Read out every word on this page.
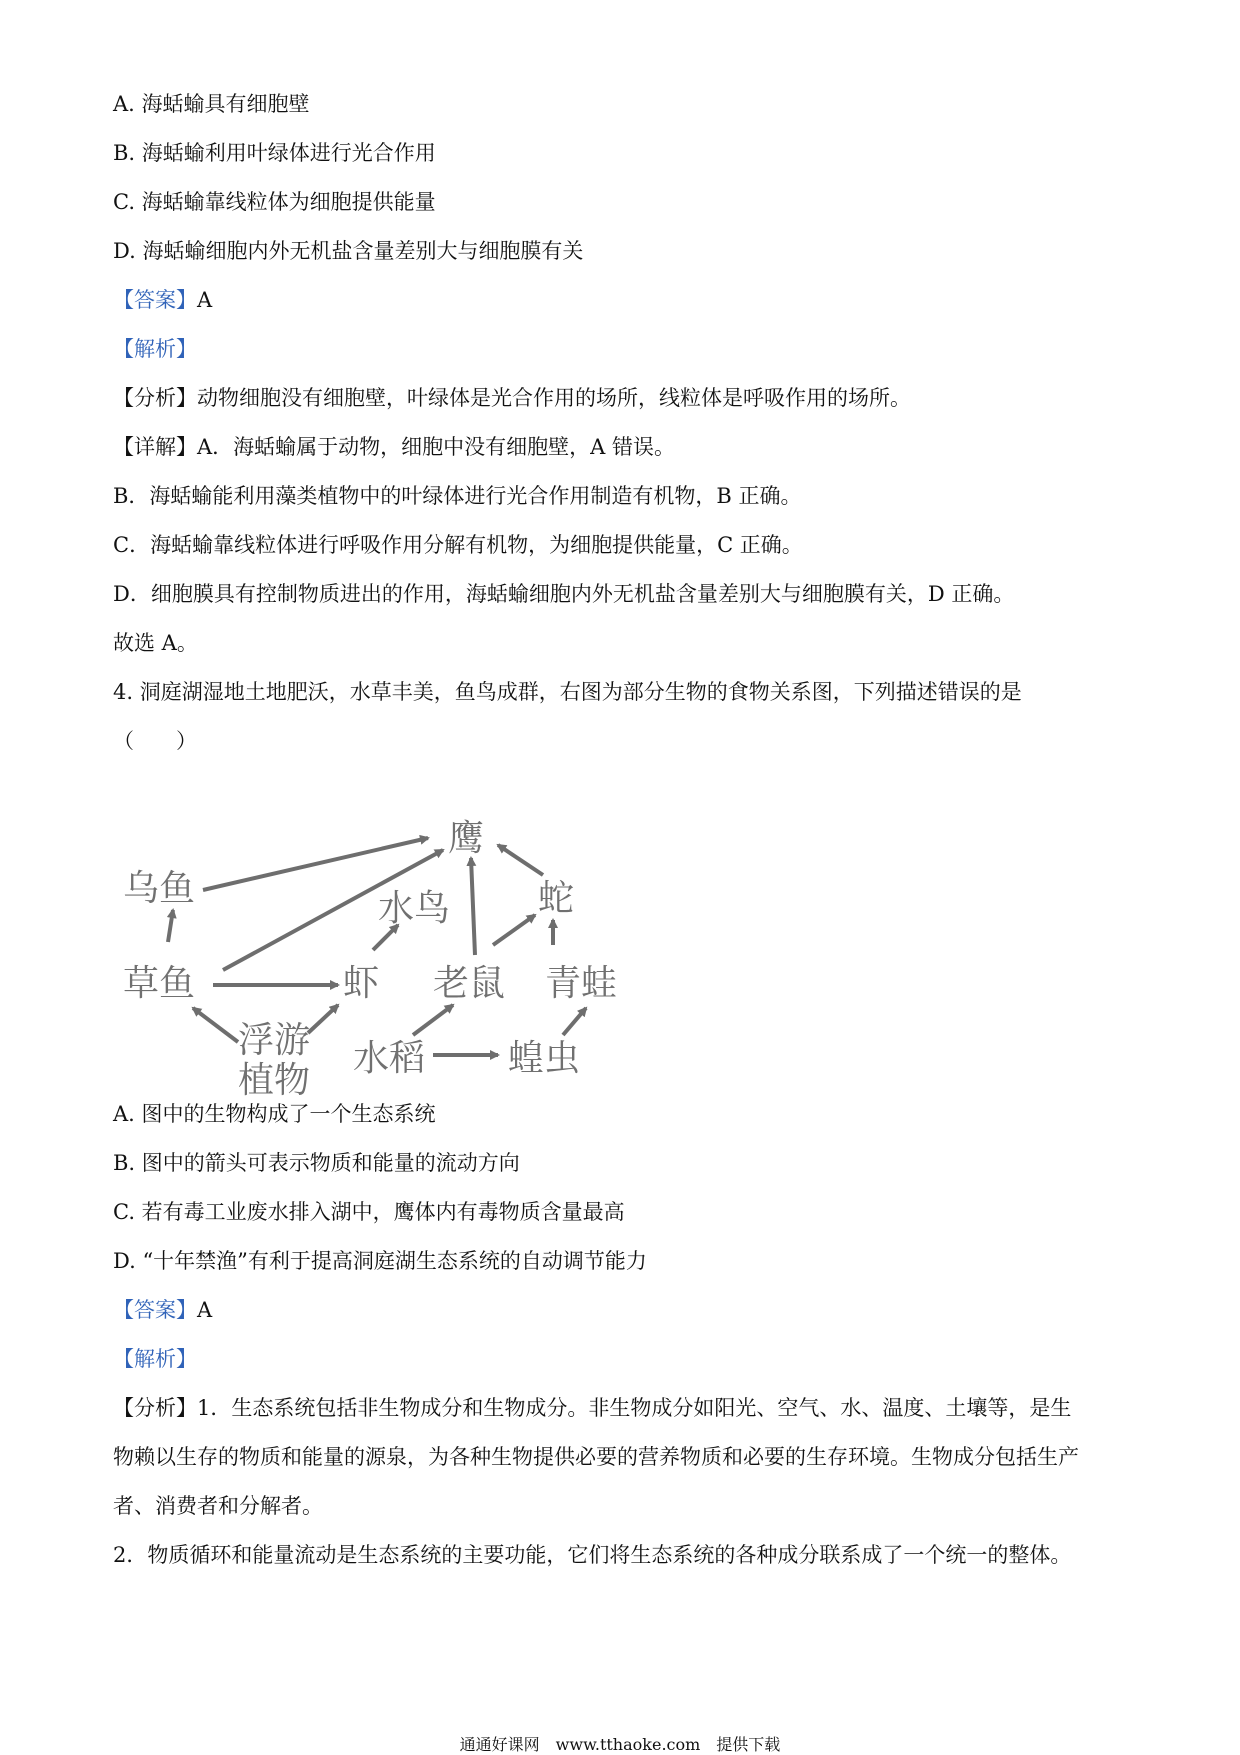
A. 海蛞蝓具有细胞壁
B. 海蛞蝓利用叶绿体进行光合作用
C. 海蛞蝓靠线粒体为细胞提供能量
D. 海蛞蝓细胞内外无机盐含量差别大与细胞膜有关
【答案】A
【解析】
【分析】动物细胞没有细胞壁，叶绿体是光合作用的场所，线粒体是呼吸作用的场所。
【详解】A．海蛞蝓属于动物，细胞中没有细胞壁，A 错误。
B．海蛞蝓能利用藻类植物中的叶绿体进行光合作用制造有机物，B 正确。
C．海蛞蝓靠线粒体进行呼吸作用分解有机物，为细胞提供能量，C 正确。
D．细胞膜具有控制物质进出的作用，海蛞蝓细胞内外无机盐含量差别大与细胞膜有关，D 正确。
故选 A。
4. 洞庭湖湿地土地肥沃，水草丰美，鱼鸟成群，右图为部分生物的食物关系图，下列描述错误的是
（　　）
A. 图中的生物构成了一个生态系统
B. 图中的箭头可表示物质和能量的流动方向
C. 若有毒工业废水排入湖中，鹰体内有毒物质含量最高
D. “十年禁渔”有利于提高洞庭湖生态系统的自动调节能力
【答案】A
【解析】
【分析】1．生态系统包括非生物成分和生物成分。非生物成分如阳光、空气、水、温度、土壤等，是生
物赖以生存的物质和能量的源泉，为各种生物提供必要的营养物质和必要的生存环境。生物成分包括生产
者、消费者和分解者。
2．物质循环和能量流动是生态系统的主要功能，它们将生态系统的各种成分联系成了一个统一的整体。
鹰
乌鱼	水鸟 蛇
草鱼	虾 老鼠 青蛙
浮游
植物
水稻 蝗虫
通通好课网　www.tthaoke.com　提供下载
